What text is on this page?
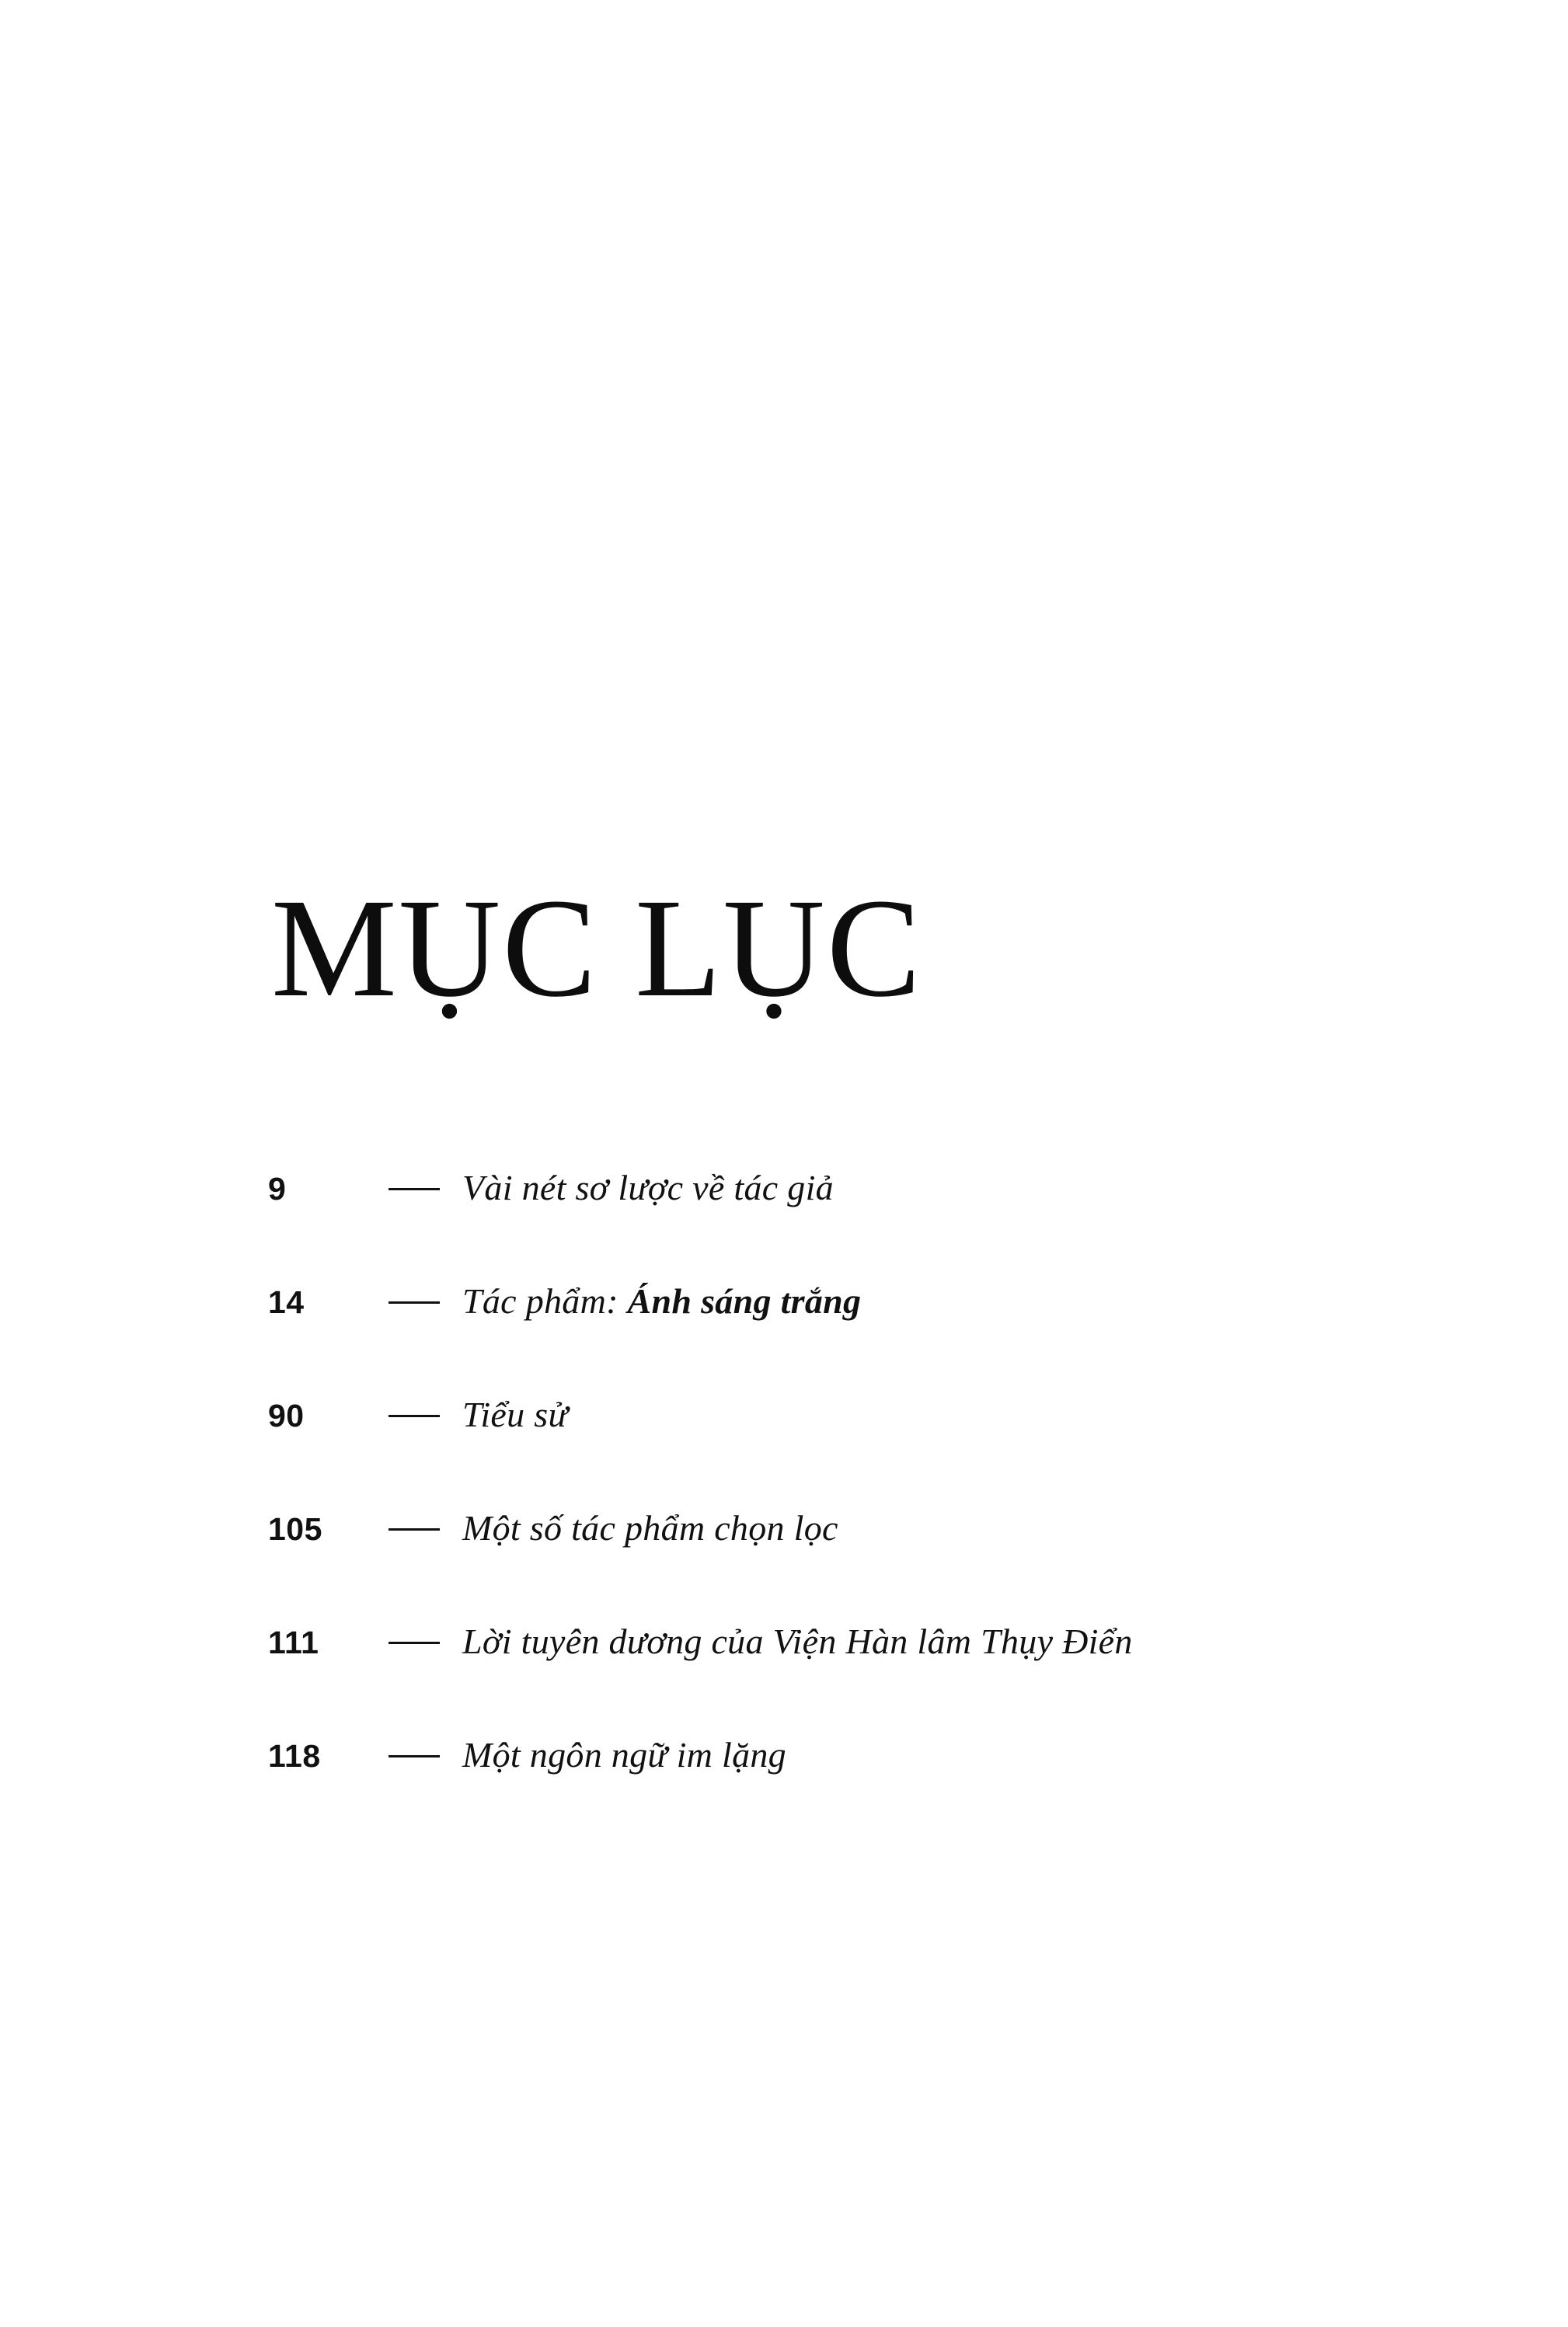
MỤC LỤC
9	Vài nét sơ lược về tác giả
14	Tác phẩm: Ánh sáng trắng
90	Tiểu sử
105	Một số tác phẩm chọn lọc
111	Lời tuyên dương của Viện Hàn lâm Thụy Điển
118	Một ngôn ngữ im lặng
